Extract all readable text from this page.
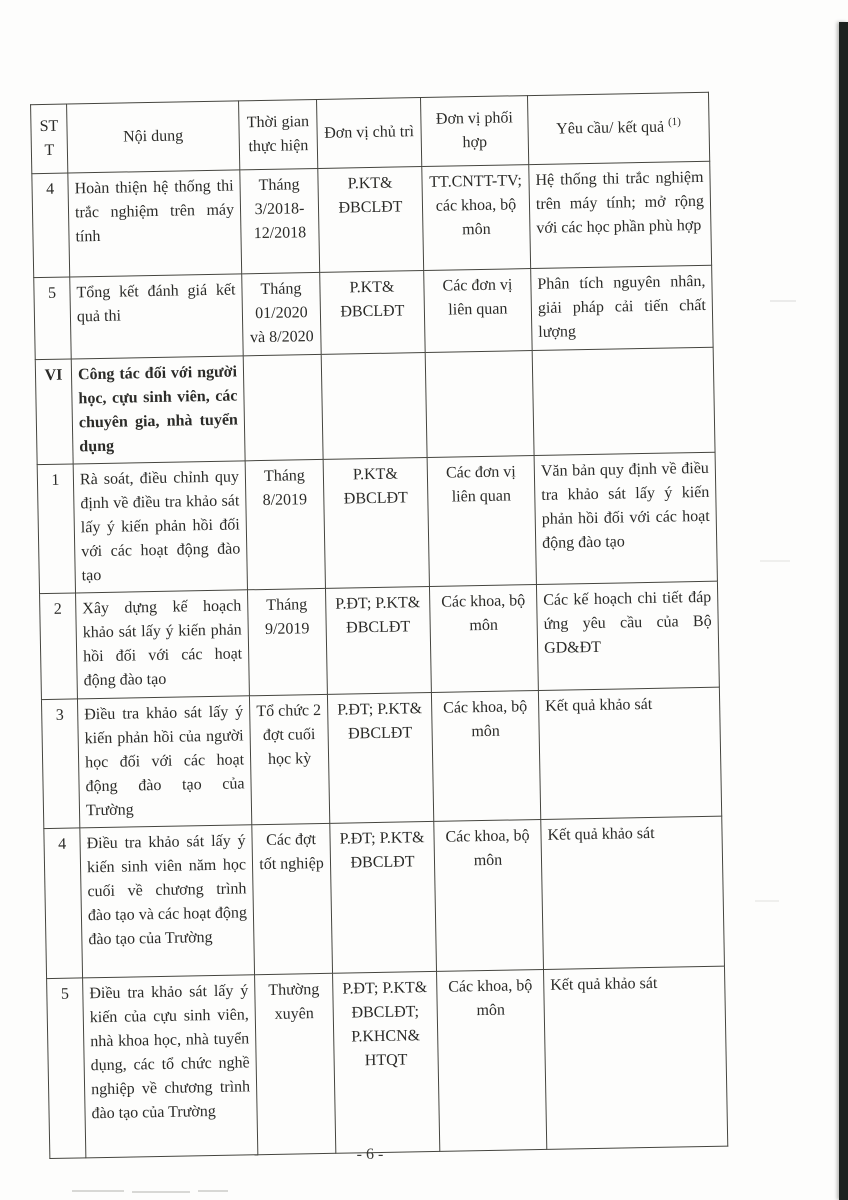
STT	Nội dung	Thời gian thực hiện	Đơn vị chủ trì	Đơn vị phối hợp	Yêu cầu/ kết quả $^{(1)}$
4	Hoàn thiện hệ thống thi trắc nghiệm trên máy tính	Tháng 3/2018-12/2018	P.KT& ĐBCLĐT	TT.CNTT-TV; các khoa, bộ môn	Hệ thống thi trắc nghiệm trên máy tính; mở rộng với các học phần phù hợp
5	Tổng kết đánh giá kết quả thi	Tháng 01/2020 và 8/2020	P.KT& ĐBCLĐT	Các đơn vị liên quan	Phân tích nguyên nhân, giải pháp cải tiến chất lượng
VI	Công tác đối với người học, cựu sinh viên, các chuyên gia, nhà tuyển dụng				
1	Rà soát, điều chỉnh quy định về điều tra khảo sát lấy ý kiến phản hồi đối với các hoạt động đào tạo	Tháng 8/2019	P.KT& ĐBCLĐT	Các đơn vị liên quan	Văn bản quy định về điều tra khảo sát lấy ý kiến phản hồi đối với các hoạt động đào tạo
2	Xây dựng kế hoạch khảo sát lấy ý kiến phản hồi đối với các hoạt động đào tạo	Tháng 9/2019	P.ĐT; P.KT& ĐBCLĐT	Các khoa, bộ môn	Các kế hoạch chi tiết đáp ứng yêu cầu của Bộ GD&ĐT
3	Điều tra khảo sát lấy ý kiến phản hồi của người học đối với các hoạt động đào tạo của Trường	Tổ chức 2 đợt cuối học kỳ	P.ĐT; P.KT& ĐBCLĐT	Các khoa, bộ môn	Kết quả khảo sát
4	Điều tra khảo sát lấy ý kiến sinh viên năm học cuối về chương trình đào tạo và các hoạt động đào tạo của Trường	Các đợt tốt nghiệp	P.ĐT; P.KT& ĐBCLĐT	Các khoa, bộ môn	Kết quả khảo sát
5	Điều tra khảo sát lấy ý kiến của cựu sinh viên, nhà khoa học, nhà tuyển dụng, các tổ chức nghề nghiệp về chương trình đào tạo của Trường	Thường xuyên	P.ĐT; P.KT& ĐBCLĐT; P.KHCN& HTQT	Các khoa, bộ môn	Kết quả khảo sát
- 6 -
